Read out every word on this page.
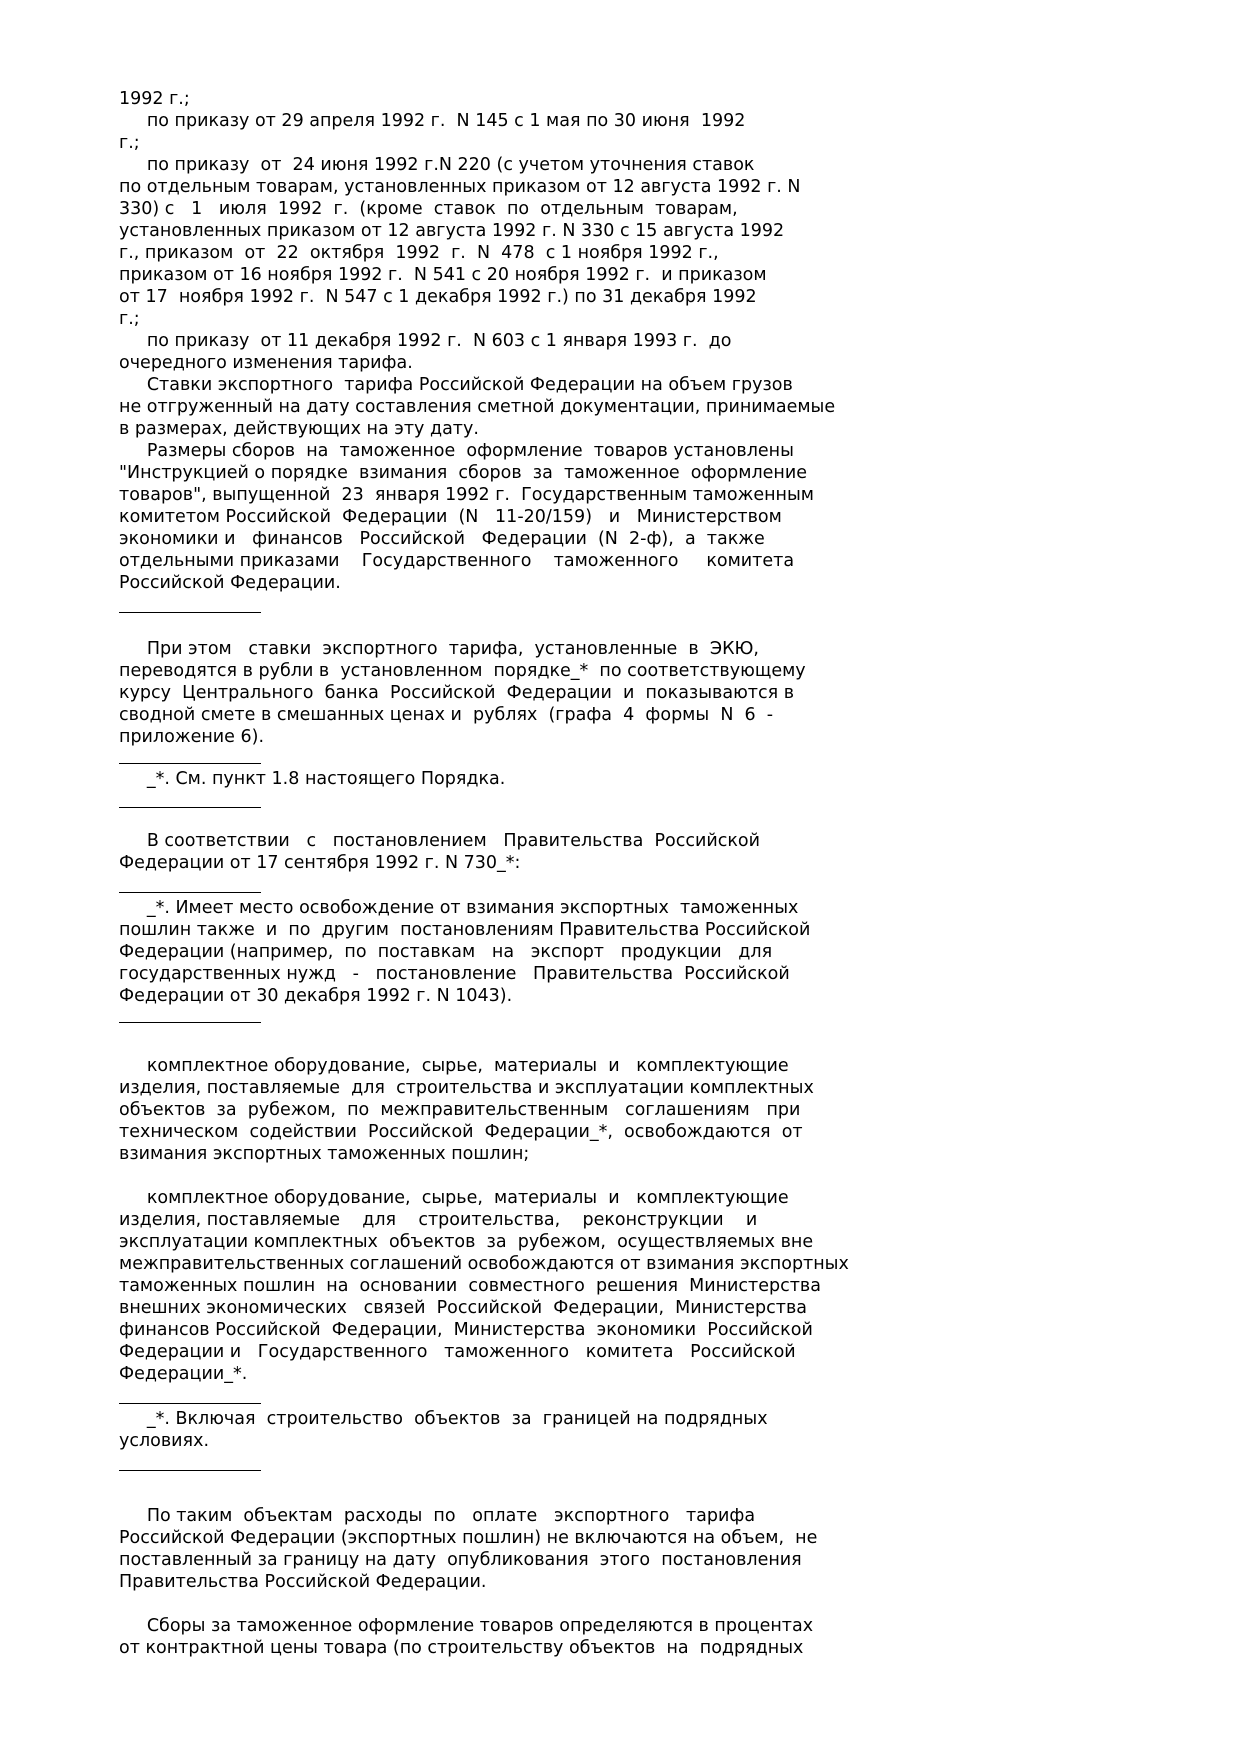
1992 г.;

по приказу от 29 апреля 1992 г.  N 145 с 1 мая по 30 июня  1992

г.;

по приказу  от  24 июня 1992 г.N 220 (с учетом уточнения ставок

по отдельным товарам, установленных приказом от 12 августа 1992 г. N

330) с   1   июля  1992  г.  (кроме  ставок  по  отдельным  товарам,

установленных приказом от 12 августа 1992 г. N 330 с 15 августа 1992

г., приказом  от  22  октября  1992  г.  N  478  с 1 ноября 1992 г.,

приказом от 16 ноября 1992 г.  N 541 с 20 ноября 1992 г.  и приказом

от 17  ноября 1992 г.  N 547 с 1 декабря 1992 г.) по 31 декабря 1992

г.;

по приказу  от 11 декабря 1992 г.  N 603 с 1 января 1993 г.  до

очередного изменения тарифа.

Ставки экспортного  тарифа Российской Федерации на объем грузов

не отгруженный на дату составления сметной документации, принимаемые

в размерах, действующих на эту дату.

Размеры сборов  на  таможенное  оформление  товаров установлены

"Инструкцией о порядке  взимания  сборов  за  таможенное  оформление

товаров", выпущенной  23  января 1992 г.  Государственным таможенным

комитетом Российской  Федерации  (N   11-20/159)   и   Министерством

экономики и   финансов   Российской   Федерации  (N  2-ф),  а  также

отдельными приказами    Государственного    таможенного     комитета

Российской Федерации.

При этом   ставки  экспортного  тарифа,  установленные  в  ЭКЮ,

переводятся в рубли в  установленном  порядке_*  по соответствующему

курсу  Центрального  банка  Российской  Федерации  и  показываются в

сводной смете в смешанных ценах и  рублях  (графа  4  формы  N  6  -

приложение 6).

_*. См. пункт 1.8 настоящего Порядка.

В соответствии   с   постановлением   Правительства  Российской

Федерации от 17 сентября 1992 г. N 730_*:

_*. Имеет место освобождение от взимания экспортных  таможенных

пошлин также  и  по  другим  постановлениям Правительства Российской

Федерации (например,  по  поставкам   на   экспорт   продукции   для

государственных нужд   -   постановление   Правительства  Российской

Федерации от 30 декабря 1992 г. N 1043).

комплектное оборудование,  сырье,  материалы  и   комплектующие

изделия, поставляемые  для  строительства и эксплуатации комплектных

объектов  за  рубежом,  по  межправительственным   соглашениям   при

техническом  содействии  Российской  Федерации_*,  освобождаются  от

взимания экспортных таможенных пошлин;

комплектное оборудование,  сырье,  материалы  и   комплектующие

изделия, поставляемые    для    строительства,    реконструкции    и

эксплуатации комплектных  объектов  за  рубежом,  осуществляемых вне

межправительственных соглашений освобождаются от взимания экспортных

таможенных пошлин  на  основании  совместного  решения  Министерства

внешних экономических   связей  Российской  Федерации,  Министерства

финансов Российской  Федерации,  Министерства  экономики  Российской

Федерации и   Государственного   таможенного   комитета   Российской

Федерации_*.

_*. Включая  строительство  объектов  за  границей на подрядных

условиях.

По таким  объектам  расходы  по   оплате   экспортного   тарифа

Российской Федерации (экспортных пошлин) не включаются на объем,  не

поставленный за границу на дату  опубликования  этого  постановления

Правительства Российской Федерации.

Сборы за таможенное оформление товаров определяются в процентах

от контрактной цены товара (по строительству объектов  на  подрядных
